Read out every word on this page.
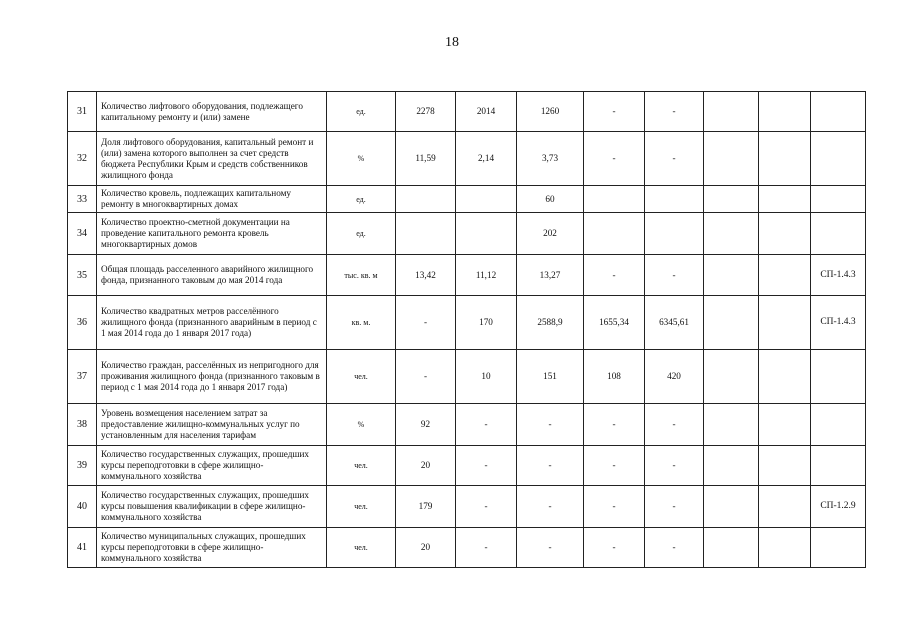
18
31	Количество лифтового оборудования, подлежащего капитальному ремонту и (или) замене	ед.	2278	2014	1260	-	-			
32	Доля лифтового оборудования, капитальный ремонт и (или) замена которого выполнен за счет средств бюджета Республики Крым и средств собственников жилищного фонда	%	11,59	2,14	3,73	-	-			
33	Количество кровель, подлежащих капитальному ремонту в многоквартирных домах	ед.			60					
34	Количество проектно-сметной документации на проведение капитального ремонта кровель многоквартирных домов	ед.			202					
35	Общая площадь расселенного аварийного жилищного фонда, признанного таковым до мая 2014 года	тыс. кв. м	13,42	11,12	13,27	-	-			СП-1.4.3
36	Количество квадратных метров расселённого жилищного фонда (признанного аварийным в период с 1 мая 2014 года до 1 января 2017 года)	кв. м.	-	170	2588,9	1655,34	6345,61			СП-1.4.3
37	Количество граждан, расселённых из непригодного для проживания жилищного фонда (признанного таковым в период с 1 мая 2014 года до 1 января 2017 года)	чел.	-	10	151	108	420			
38	Уровень возмещения населением затрат за предоставление жилищно-коммунальных услуг по установленным для населения тарифам	%	92	-	-	-	-			
39	Количество государственных служащих, прошедших курсы переподготовки в сфере жилищно-коммунального хозяйства	чел.	20	-	-	-	-			
40	Количество государственных служащих, прошедших курсы повышения квалификации в сфере жилищно-коммунального хозяйства	чел.	179	-	-	-	-			СП-1.2.9
41	Количество муниципальных служащих, прошедших курсы переподготовки в сфере жилищно-коммунального хозяйства	чел.	20	-	-	-	-			
